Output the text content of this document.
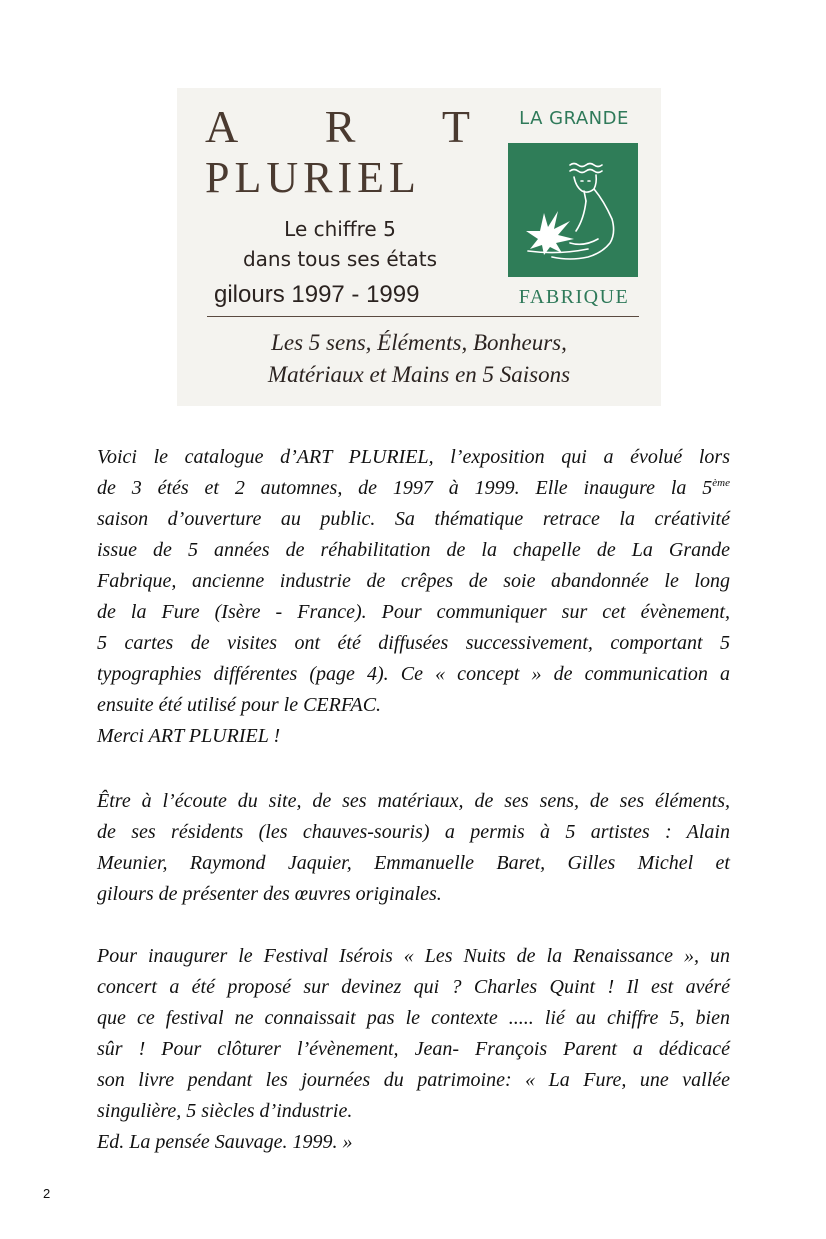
A R T
PLURIEL
Le chiffre 5
dans tous ses états
gilours 1997 - 1999
LA GRANDE
FABRIQUE
Les 5 sens, Éléments, Bonheurs,
Matériaux et Mains en 5 Saisons
Voici le catalogue d’ART PLURIEL, l’exposition qui a évolué lors
de 3 étés et 2 automnes, de 1997 à 1999. Elle inaugure la 5ème
saison d’ouverture au public. Sa thématique retrace la créativité
issue de 5 années de réhabilitation de la chapelle de La Grande
Fabrique, ancienne industrie de crêpes de soie abandonnée le long
de la Fure (Isère - France). Pour communiquer sur cet évènement,
5 cartes de visites ont été diffusées successivement, comportant 5
typographies différentes (page 4). Ce « concept » de communication a
ensuite été utilisé pour le CERFAC.
Merci ART PLURIEL !
Être à l’écoute du site, de ses matériaux, de ses sens, de ses éléments,
de ses résidents (les chauves-souris) a permis à 5 artistes : Alain
Meunier, Raymond Jaquier, Emmanuelle Baret, Gilles Michel et
gilours de présenter des œuvres originales.
Pour inaugurer le Festival Isérois « Les Nuits de la Renaissance », un
concert a été proposé sur devinez qui ? Charles Quint ! Il est avéré
que ce festival ne connaissait pas le contexte ..... lié au chiffre 5, bien
sûr ! Pour clôturer l’évènement, Jean- François Parent a dédicacé
son livre pendant les journées du patrimoine: « La Fure, une vallée
singulière, 5 siècles d’industrie.
Ed. La pensée Sauvage. 1999. »
2
